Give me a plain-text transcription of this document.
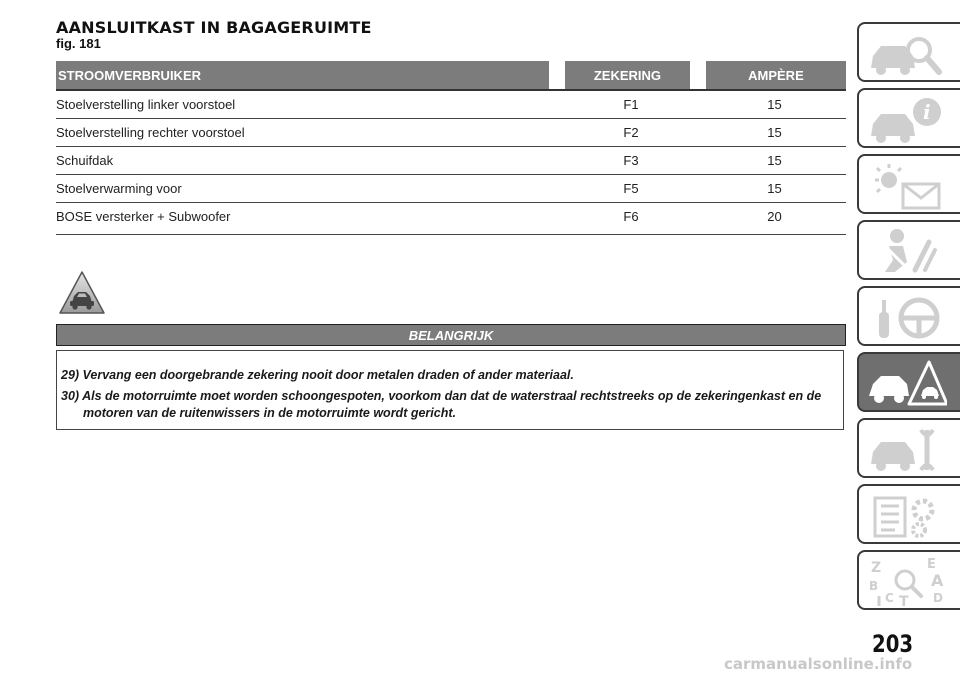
AANSLUITKAST IN BAGAGERUIMTE
fig. 181
STROOMVERBRUIKER	ZEKERING	AMPÈRE
Stoelverstelling linker voorstoel	F1	15
Stoelverstelling rechter voorstoel	F2	15
Schuifdak	F3	15
Stoelverwarming voor	F5	15
BOSE versterker + Subwoofer	F6	20
BELANGRIJK
29) Vervang een doorgebrande zekering nooit door metalen draden of ander materiaal.
30) Als de motorruimte moet worden schoongespoten, voorkom dan dat de waterstraal rechtstreeks op de zekeringenkast en de motoren van de ruitenwissers in de motorruimte wordt gericht.
i
Z	E
B	A
C T D
203
carmanualsonline.info
